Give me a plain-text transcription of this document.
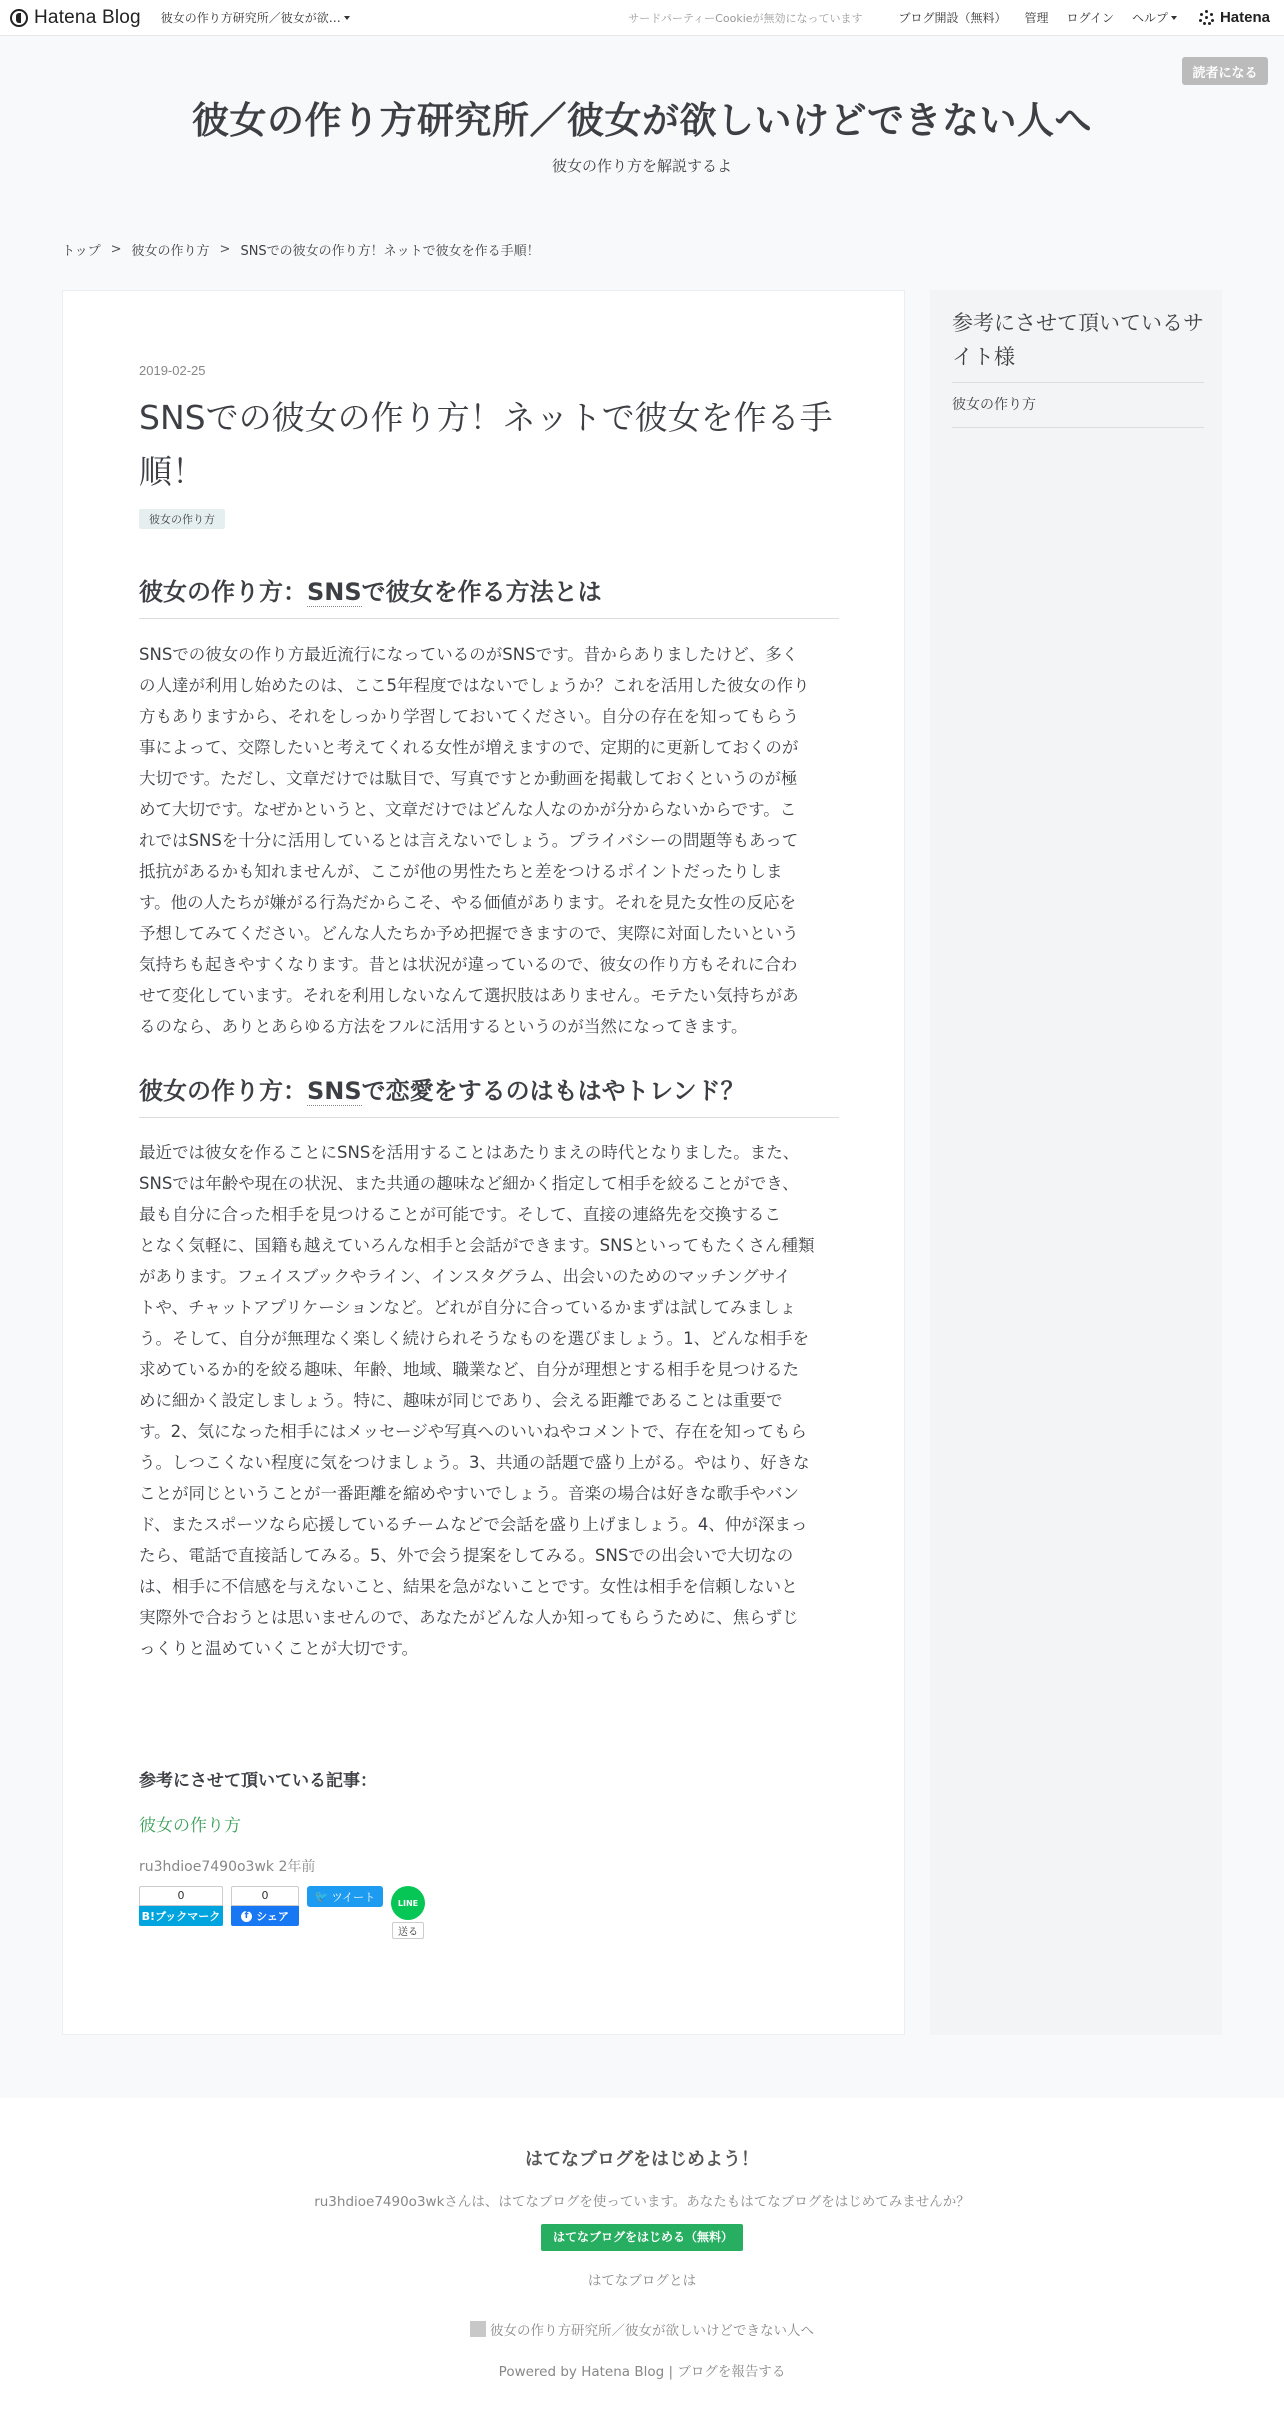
Hatena Blog 彼女の作り方研究所／彼女が欲…	サードパーティーCookieが無効になっています	ブログ開設（無料） 管理 ログイン ヘルプ	Hatena
読者になる
彼女の作り方研究所／彼女が欲しいけどできない人へ

彼女の作り方を解説するよ

トップ > 彼女の作り方 > SNSでの彼女の作り方！ネットで彼女を作る手順！
2019-02-25
SNSでの彼女の作り方！ネットで彼女を作る手
順！
彼女の作り方
彼女の作り方：SNSで彼女を作る方法とは
SNSでの彼女の作り方最近流行になっているのがSNSです。昔からありましたけど、多く
の人達が利用し始めたのは、ここ5年程度ではないでしょうか？これを活用した彼女の作り
方もありますから、それをしっかり学習しておいてください。自分の存在を知ってもらう
事によって、交際したいと考えてくれる女性が増えますので、定期的に更新しておくのが
大切です。ただし、文章だけでは駄目で、写真ですとか動画を掲載しておくというのが極
めて大切です。なぜかというと、文章だけではどんな人なのかが分からないからです。こ
れではSNSを十分に活用しているとは言えないでしょう。プライバシーの問題等もあって
抵抗があるかも知れませんが、ここが他の男性たちと差をつけるポイントだったりしま
す。他の人たちが嫌がる行為だからこそ、やる価値があります。それを見た女性の反応を
予想してみてください。どんな人たちか予め把握できますので、実際に対面したいという
気持ちも起きやすくなります。昔とは状況が違っているので、彼女の作り方もそれに合わ
せて変化しています。それを利用しないなんて選択肢はありません。モテたい気持ちがあ
るのなら、ありとあらゆる方法をフルに活用するというのが当然になってきます。
彼女の作り方：SNSで恋愛をするのはもはやトレンド？
最近では彼女を作ることにSNSを活用することはあたりまえの時代となりました。また、
SNSでは年齢や現在の状況、また共通の趣味など細かく指定して相手を絞ることができ、
最も自分に合った相手を見つけることが可能です。そして、直接の連絡先を交換するこ
となく気軽に、国籍も越えていろんな相手と会話ができます。SNSといってもたくさん種類
があります。フェイスブックやライン、インスタグラム、出会いのためのマッチングサイ
トや、チャットアプリケーションなど。どれが自分に合っているかまずは試してみましょ
う。そして、自分が無理なく楽しく続けられそうなものを選びましょう。1、どんな相手を
求めているか的を絞る趣味、年齢、地域、職業など、自分が理想とする相手を見つけるた
めに細かく設定しましょう。特に、趣味が同じであり、会える距離であることは重要で
す。2、気になった相手にはメッセージや写真へのいいねやコメントで、存在を知ってもら
う。しつこくない程度に気をつけましょう。3、共通の話題で盛り上がる。やはり、好きな
ことが同じということが一番距離を縮めやすいでしょう。音楽の場合は好きな歌手やバン
ド、またスポーツなら応援しているチームなどで会話を盛り上げましょう。4、仲が深まっ
たら、電話で直接話してみる。5、外で会う提案をしてみる。SNSでの出会いで大切なの
は、相手に不信感を与えないこと、結果を急がないことです。女性は相手を信頼しないと
実際外で合おうとは思いませんので、あなたがどんな人か知ってもらうために、焦らずじ
っくりと温めていくことが大切です。
参考にさせて頂いている記事：
彼女の作り方
ru3hdioe7490o3wk 2年前
0
B!ブックマーク
0
f シェア
🐦 ツイート	LINE
送る
参考にさせて頂いているサイト様
彼女の作り方
はてなブログをはじめよう！
ru3hdioe7490o3wkさんは、はてなブログを使っています。あなたもはてなブログをはじめてみませんか？
はてなブログをはじめる（無料）
はてなブログとは
彼女の作り方研究所／彼女が欲しいけどできない人へ
Powered by Hatena Blog | ブログを報告する
